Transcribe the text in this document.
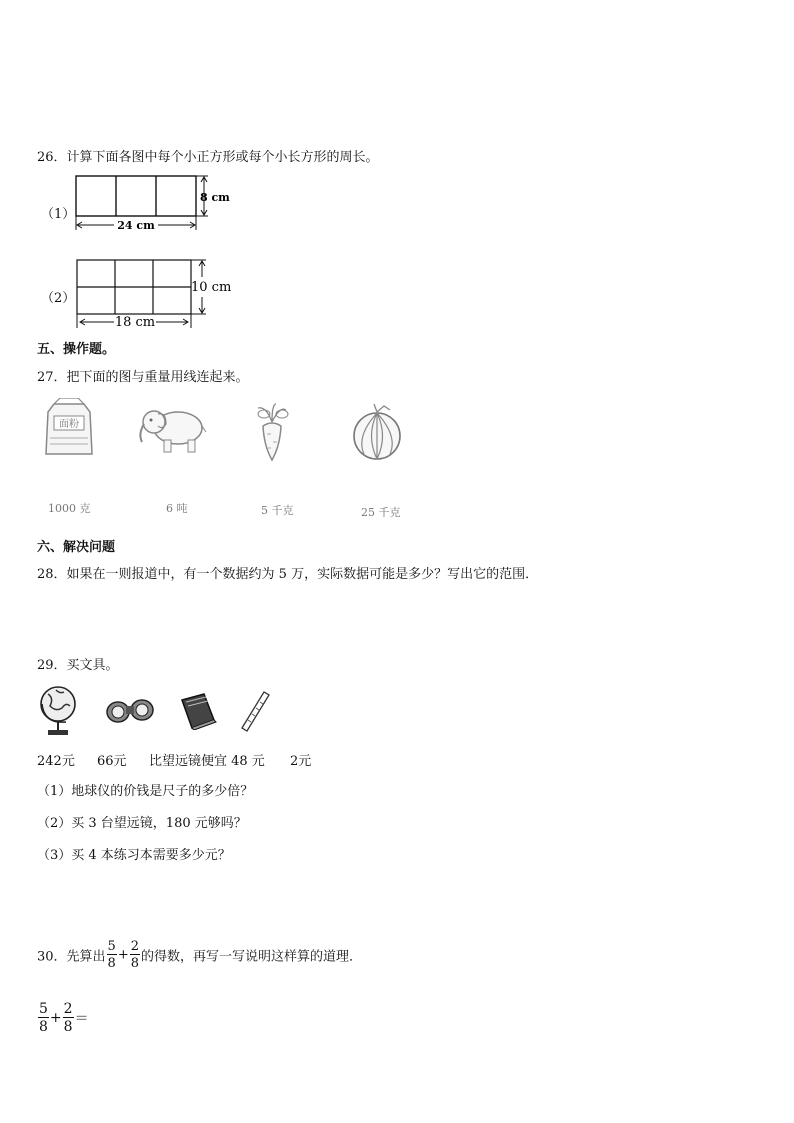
26．计算下面各图中每个小正方形或每个小长方形的周长。
（1）
8 cm
24 cm
（2）
10 cm
18 cm
五、操作题。
27．把下面的图与重量用线连起来。
面粉
1000 克	6 吨	5 千克	25 千克
六、解决问题
28．如果在一则报道中，有一个数据约为 5 万，实际数据可能是多少？写出它的范围．
29．买文具。
242元 66元 比望远镜便宜 48 元 2元
（1）地球仪的价钱是尺子的多少倍？
（2）买 3 台望远镜，180 元够吗？
（3）买 4 本练习本需要多少元？
30．先算出 $\frac{5}{8} + \frac{2}{8}$ 的得数，再写一写说明这样算的道理．
$\frac{5}{8} + \frac{2}{8}$ ＝
